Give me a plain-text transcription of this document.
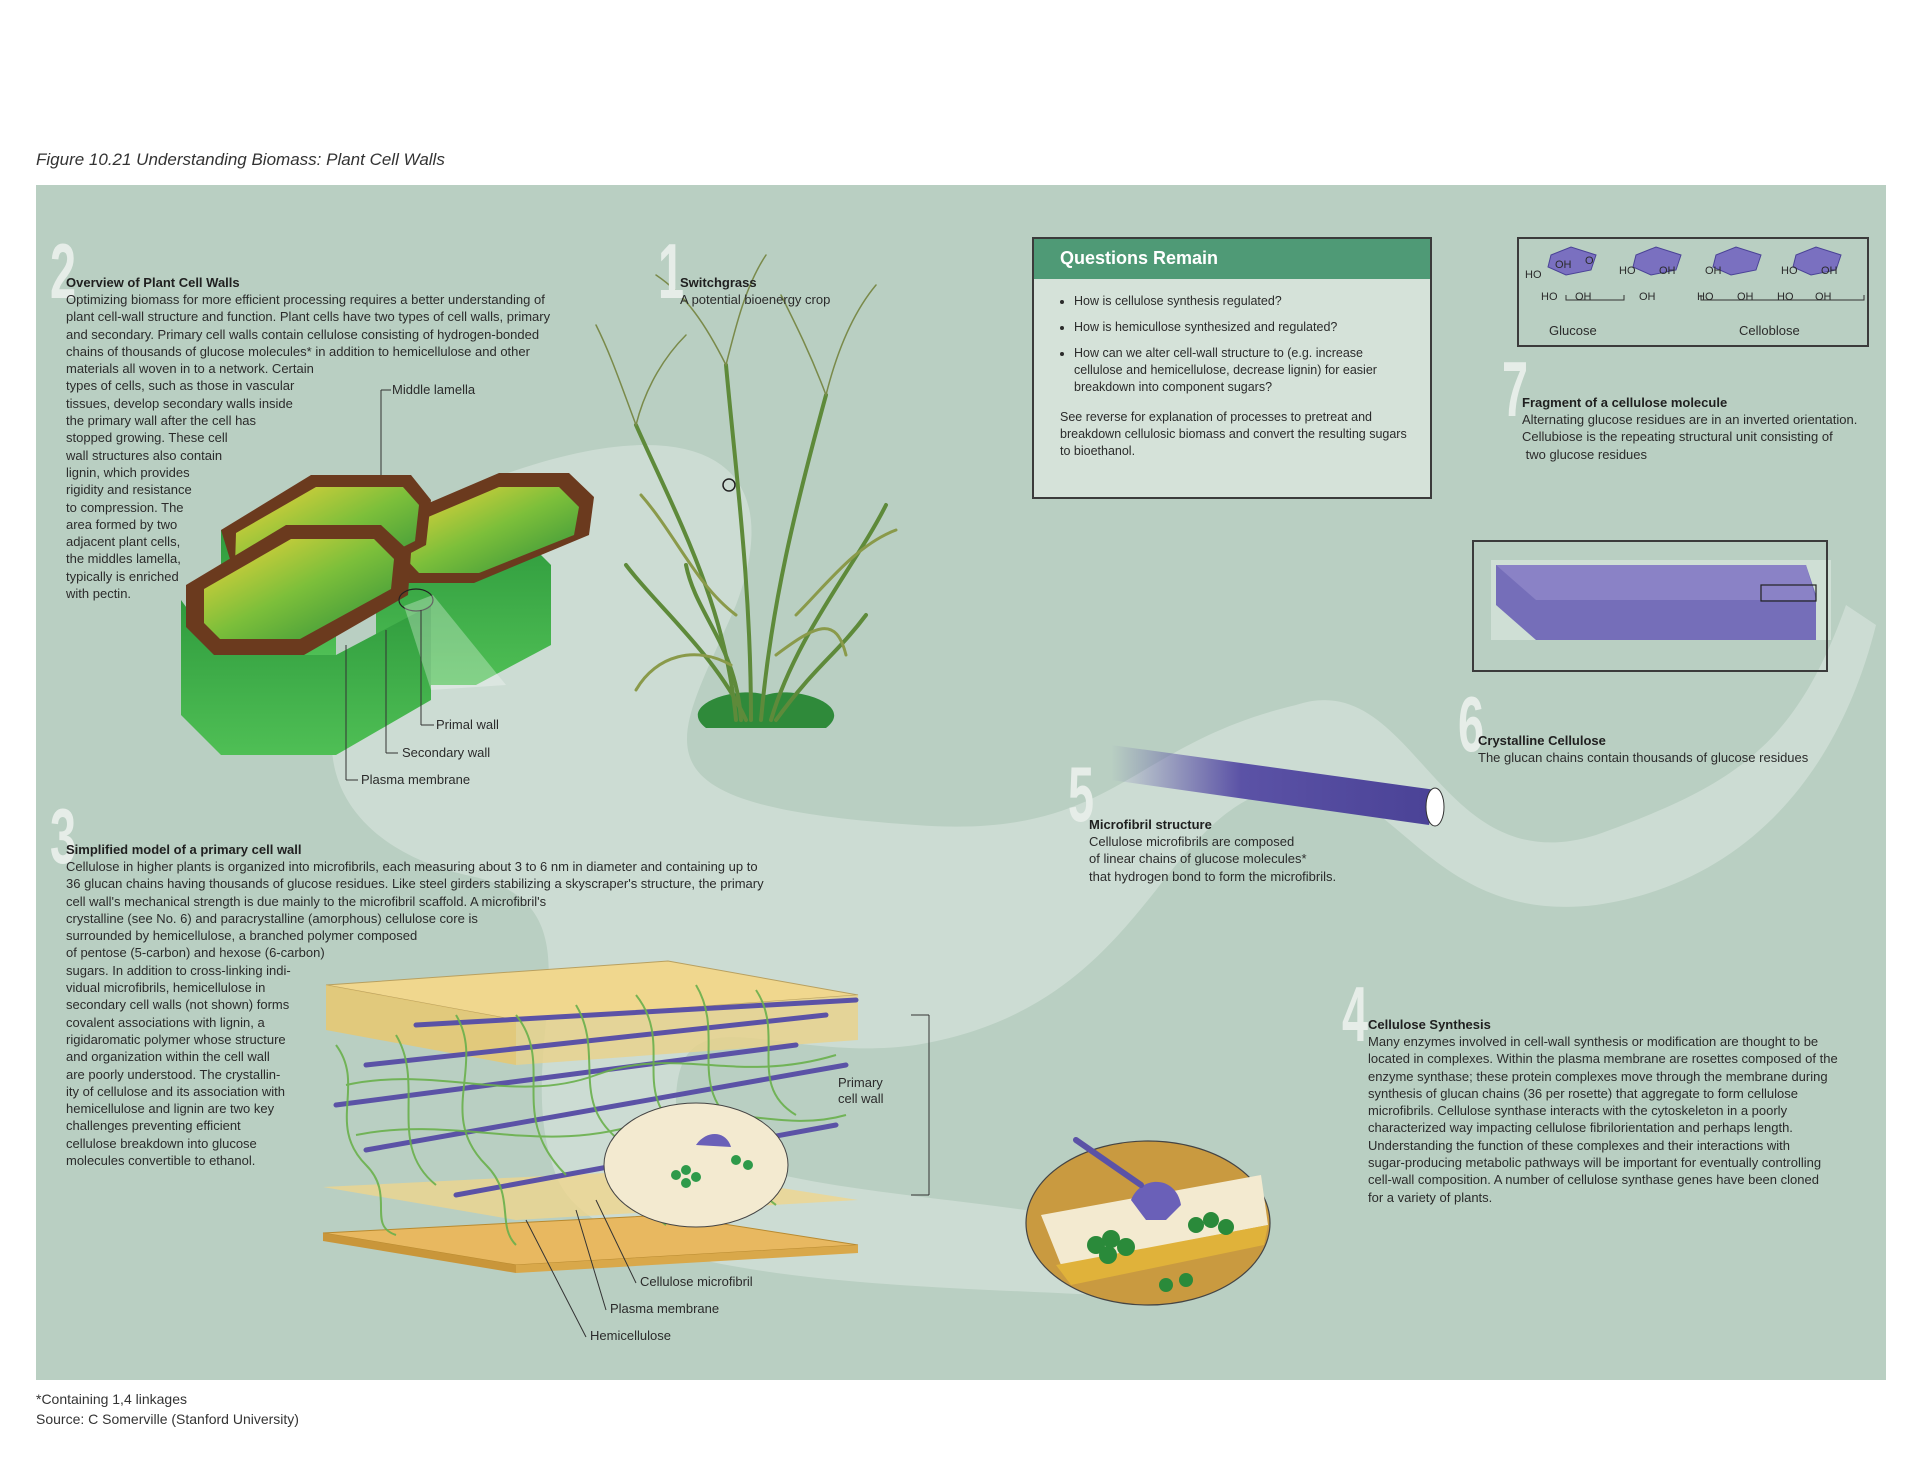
Figure 10.21 Understanding Biomass: Plant Cell Walls
2	1
3
4
5
6
7
Overview of Plant Cell Walls
Optimizing biomass for more efficient processing requires a better understanding of
plant cell-wall structure and function. Plant cells have two types of cell walls, primary
and secondary. Primary cell walls contain cellulose consisting of hydrogen-bonded
chains of thousands of glucose molecules* in addition to hemicellulose and other
materials all woven in to a network. Certain
types of cells, such as those in vascular
tissues, develop secondary walls inside
the primary wall after the cell has
stopped growing. These cell
wall structures also contain
lignin, which provides
rigidity and resistance
to compression. The
area formed by two
adjacent plant cells,
the middles lamella,
typically is enriched
with pectin.
Middle lamella
Primal wall
Secondary wall
Plasma membrane
Switchgrass
A potential bioenergy crop
Questions Remain
• How is cellulose synthesis regulated?
• How is hemicullose synthesized and regulated?
• How can we alter cell-wall structure to (e.g. increase cellulose and hemicellulose, decrease lignin) for easier breakdown into component sugars?
See reverse for explanation of processes to pretreat and breakdown cellulosic biomass and convert the resulting sugars to bioethanol.
HO
OH O
HO OH
HO OH
OH
OH
HO OH
HO OH
HO OH
Glucose	Celloblose
Fragment of a cellulose molecule
Alternating glucose residues are in an inverted orientation.
Cellubiose is the repeating structural unit consisting of
two glucose residues
Crystalline Cellulose
The glucan chains contain thousands of glucose residues
Microfibril structure
Cellulose microfibrils are composed
of linear chains of glucose molecules*
that hydrogen bond to form the microfibrils.
Simplified model of a primary cell wall
Cellulose in higher plants is organized into microfibrils, each measuring about 3 to 6 nm in diameter and containing up to
36 glucan chains having thousands of glucose residues. Like steel girders stabilizing a skyscraper's structure, the primary
cell wall's mechanical strength is due mainly to the microfibril scaffold. A microfibril's
crystalline (see No. 6) and paracrystalline (amorphous) cellulose core is
surrounded by hemicellulose, a branched polymer composed
of pentose (5-carbon) and hexose (6-carbon)
sugars. In addition to cross-linking indi-
vidual microfibrils, hemicellulose in
secondary cell walls (not shown) forms
covalent associations with lignin, a
rigidaromatic polymer whose structure
and organization within the cell wall
are poorly understood. The crystallin-
ity of cellulose and its association with
hemicellulose and lignin are two key
challenges preventing efficient
cellulose breakdown into glucose
molecules convertible to ethanol.
Primary
cell wall
Cellulose microfibril
Plasma membrane
Hemicellulose
Cellulose Synthesis
Many enzymes involved in cell-wall synthesis or modification are thought to be
located in complexes. Within the plasma membrane are rosettes composed of the
enzyme synthase; these protein complexes move through the membrane during
synthesis of glucan chains (36 per rosette) that aggregate to form cellulose
microfibrils. Cellulose synthase interacts with the cytoskeleton in a poorly
characterized way impacting cellulose fibrilorientation and perhaps length.
Understanding the function of these complexes and their interactions with
sugar-producing metabolic pathways will be important for eventually controlling
cell-wall composition. A number of cellulose synthase genes have been cloned
for a variety of plants.
*Containing 1,4 linkages
Source: C Somerville (Stanford University)
